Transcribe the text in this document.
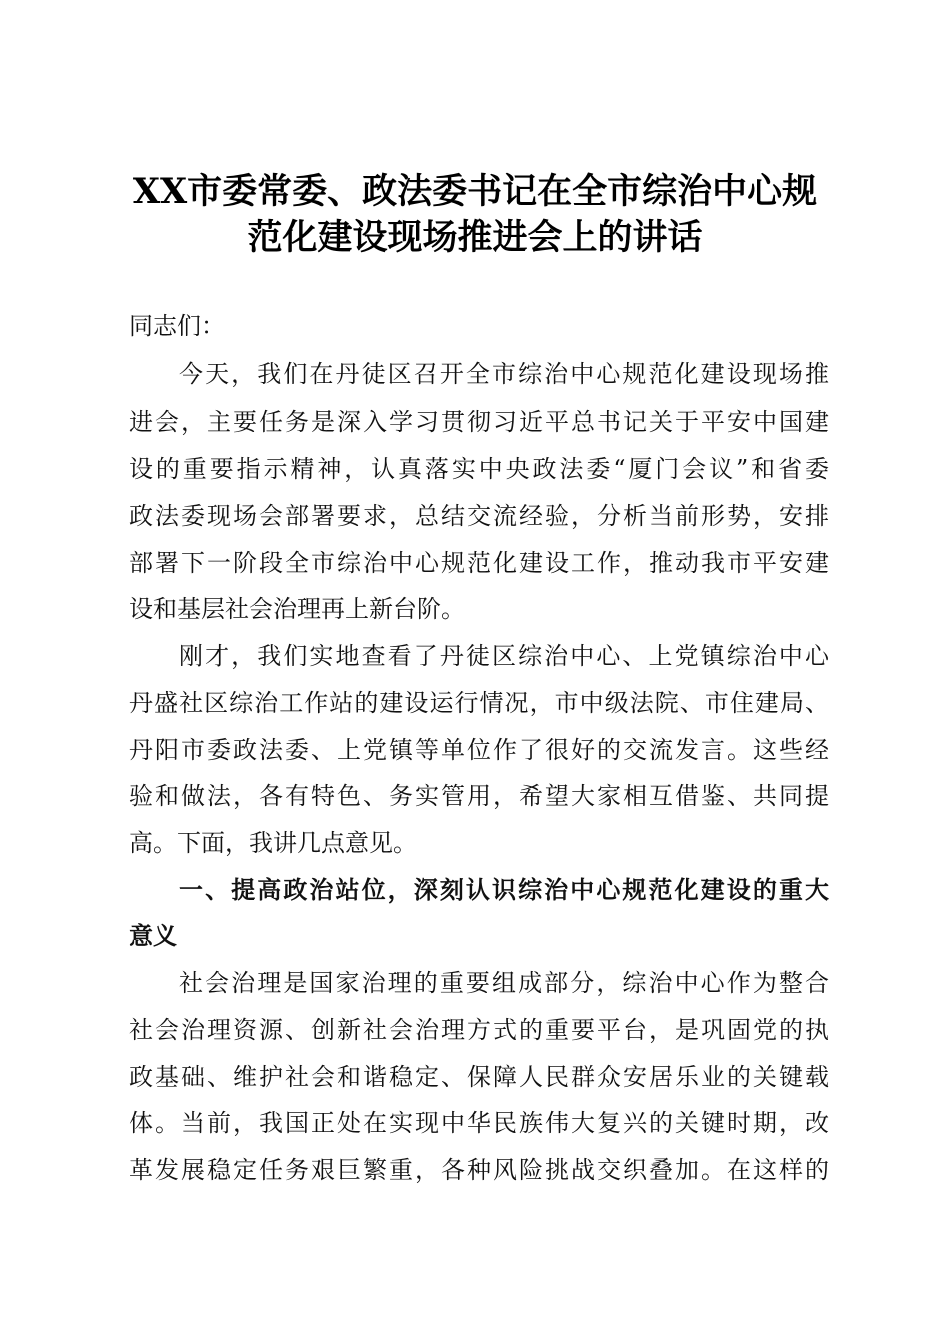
XX市委常委、政法委书记在全市综治中心规
范化建设现场推进会上的讲话
同志们：
今天，我们在丹徒区召开全市综治中心规范化建设现场推
进会，主要任务是深入学习贯彻习近平总书记关于平安中国建
设的重要指示精神，认真落实中央政法委“厦门会议”和省委
政法委现场会部署要求，总结交流经验，分析当前形势，安排
部署下一阶段全市综治中心规范化建设工作，推动我市平安建
设和基层社会治理再上新台阶。
刚才，我们实地查看了丹徒区综治中心、上党镇综治中心
丹盛社区综治工作站的建设运行情况，市中级法院、市住建局、
丹阳市委政法委、上党镇等单位作了很好的交流发言。这些经
验和做法，各有特色、务实管用，希望大家相互借鉴、共同提
高。下面，我讲几点意见。
一、提高政治站位，深刻认识综治中心规范化建设的重大
意义
社会治理是国家治理的重要组成部分，综治中心作为整合
社会治理资源、创新社会治理方式的重要平台，是巩固党的执
政基础、维护社会和谐稳定、保障人民群众安居乐业的关键载
体。当前，我国正处在实现中华民族伟大复兴的关键时期，改
革发展稳定任务艰巨繁重，各种风险挑战交织叠加。在这样的
